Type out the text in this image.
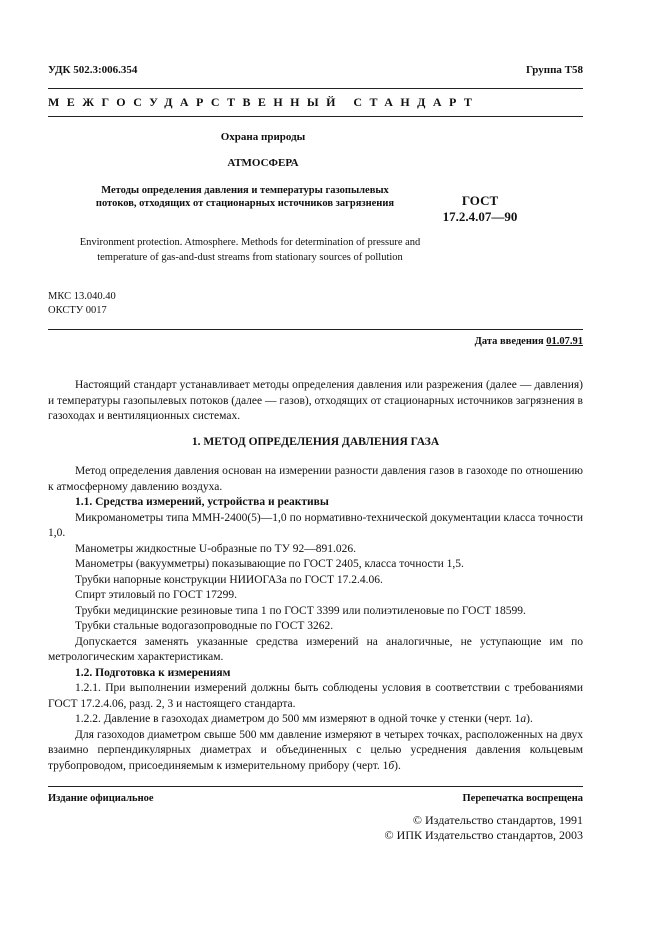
УДК 502.3:006.354	Группа Т58
МЕЖГОСУДАРСТВЕННЫЙ СТАНДАРТ
Охрана природы
АТМОСФЕРА
Методы определения давления и температуры газопылевых потоков, отходящих от стационарных источников загрязнения	ГОСТ
17.2.4.07—90
Environment protection. Atmosphere. Methods for determination of pressure and temperature of gas-and-dust streams from stationary sources of pollution
МКС 13.040.40
ОКСТУ 0017
Дата введения 01.07.91

Настоящий стандарт устанавливает методы определения давления или разрежения (далее — давления) и температуры газопылевых потоков (далее — газов), отходящих от стационарных источников загрязнения в газоходах и вентиляционных системах.

1. МЕТОД ОПРЕДЕЛЕНИЯ ДАВЛЕНИЯ ГАЗА

Метод определения давления основан на измерении разности давления газов в газоходе по отношению к атмосферному давлению воздуха.

1.1. Средства измерений, устройства и реактивы

Микроманометры типа ММН-2400(5)—1,0 по нормативно-технической документации класса точности 1,0.

Манометры жидкостные U-образные по ТУ 92—891.026.

Манометры (вакуумметры) показывающие по ГОСТ 2405, класса точности 1,5.

Трубки напорные конструкции НИИОГАЗа по ГОСТ 17.2.4.06.

Спирт этиловый по ГОСТ 17299.

Трубки медицинские резиновые типа 1 по ГОСТ 3399 или полиэтиленовые по ГОСТ 18599.

Трубки стальные водогазопроводные по ГОСТ 3262.

Допускается заменять указанные средства измерений на аналогичные, не уступающие им по метрологическим характеристикам.

1.2. Подготовка к измерениям

1.2.1. При выполнении измерений должны быть соблюдены условия в соответствии с требованиями ГОСТ 17.2.4.06, разд. 2, 3 и настоящего стандарта.

1.2.2. Давление в газоходах диаметром до 500 мм измеряют в одной точке у стенки (черт. 1а).

Для газоходов диаметром свыше 500 мм давление измеряют в четырех точках, расположенных на двух взаимно перпендикулярных диаметрах и объединенных с целью усреднения давления кольцевым трубопроводом, присоединяемым к измерительному прибору (черт. 1б).

Издание официальное	Перепечатка воспрещена
© Издательство стандартов, 1991
© ИПК Издательство стандартов, 2003
